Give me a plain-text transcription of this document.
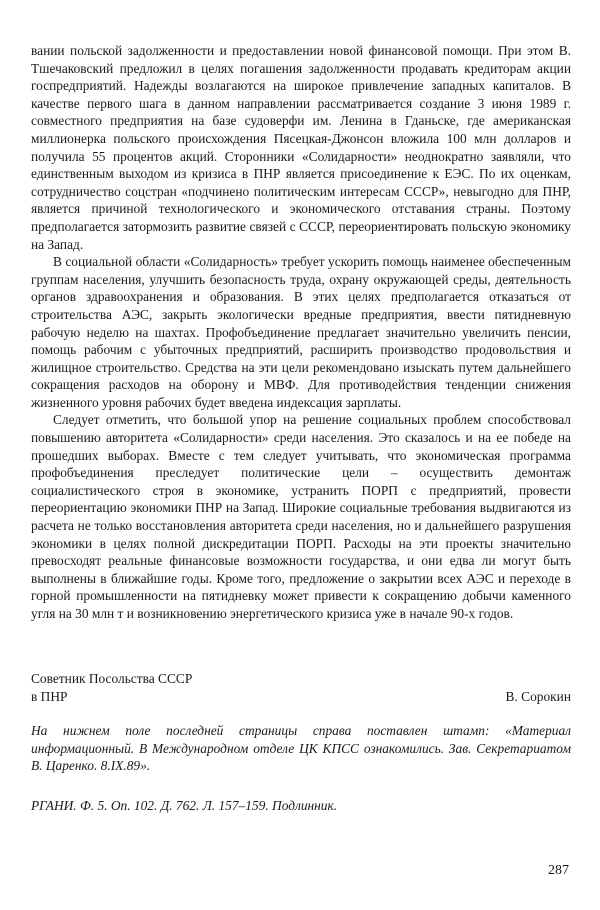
вании польской задолженности и предоставлении новой финансовой помощи. При этом В. Тшечаковский предложил в целях погашения задолженности продавать кредиторам акции госпредприятий. Надежды возлагаются на широкое привлечение западных капиталов. В качестве первого шага в данном направлении рассматривается создание 3 июня 1989 г. совместного предприятия на базе судоверфи им. Ленина в Гданьске, где американская миллионерка польского происхождения Пясецкая-Джонсон вложила 100 млн долларов и получила 55 процентов акций. Сторонники «Солидарности» неоднократно заявляли, что единственным выходом из кризиса в ПНР является присоединение к ЕЭС. По их оценкам, сотрудничество соцстран «подчинено политическим интересам СССР», невыгодно для ПНР, является причиной технологического и экономического отставания страны. Поэтому предполагается затормозить развитие связей с СССР, переориентировать польскую экономику на Запад.

В социальной области «Солидарность» требует ускорить помощь наименее обеспеченным группам населения, улучшить безопасность труда, охрану окружающей среды, деятельность органов здравоохранения и образования. В этих целях предполагается отказаться от строительства АЭС, закрыть экологически вредные предприятия, ввести пятидневную рабочую неделю на шахтах. Профобъединение предлагает значительно увеличить пенсии, помощь рабочим с убыточных предприятий, расширить производство продовольствия и жилищное строительство. Средства на эти цели рекомендовано изыскать путем дальнейшего сокращения расходов на оборону и МВФ. Для противодействия тенденции снижения жизненного уровня рабочих будет введена индексация зарплаты.

Следует отметить, что большой упор на решение социальных проблем способствовал повышению авторитета «Солидарности» среди населения. Это сказалось и на ее победе на прошедших выборах. Вместе с тем следует учитывать, что экономическая программа профобъединения преследует политические цели – осуществить демонтаж социалистического строя в экономике, устранить ПОРП с предприятий, провести переориентацию экономики ПНР на Запад. Широкие социальные требования выдвигаются из расчета не только восстановления авторитета среди населения, но и дальнейшего разрушения экономики в целях полной дискредитации ПОРП. Расходы на эти проекты значительно превосходят реальные финансовые возможности государства, и они едва ли могут быть выполнены в ближайшие годы. Кроме того, предложение о закрытии всех АЭС и переходе в горной промышленности на пятидневку может привести к сокращению добычи каменного угля на 30 млн т и возникновению энергетического кризиса уже в начале 90-х годов.

Советник Посольства СССР
в ПНР	В. Сорокин
На нижнем поле последней страницы справа поставлен штамп: «Материал информационный. В Международном отделе ЦК КПСС ознакомились. Зав. Секретариатом В. Царенко. 8.IX.89».
РГАНИ. Ф. 5. Оп. 102. Д. 762. Л. 157–159. Подлинник.
287
